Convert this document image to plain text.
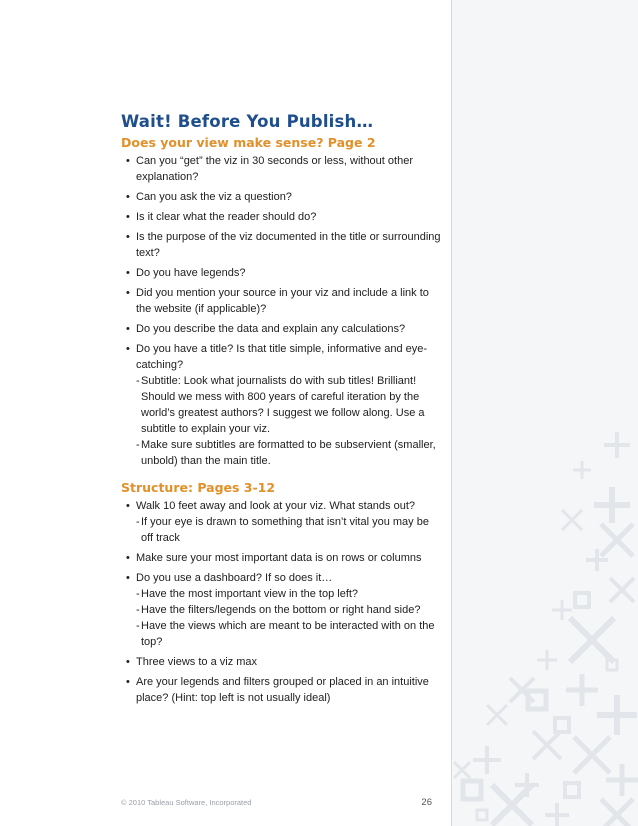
Wait! Before You Publish…
Does your view make sense? Page 2
• Can you “get” the viz in 30 seconds or less, without other explanation?
• Can you ask the viz a question?
• Is it clear what the reader should do?
• Is the purpose of the viz documented in the title or surrounding text?
• Do you have legends?
• Did you mention your source in your viz and include a link to the website (if applicable)?
• Do you describe the data and explain any calculations?
• Do you have a title? Is that title simple, informative and eye-catching?
- Subtitle: Look what journalists do with sub titles! Brilliant! Should we mess with 800 years of careful iteration by the world’s greatest authors? I suggest we follow along. Use a subtitle to explain your viz.
- Make sure subtitles are formatted to be subservient (smaller, unbold) than the main title.
Structure: Pages 3-12
• Walk 10 feet away and look at your viz. What stands out?
- If your eye is drawn to something that isn’t vital you may be off track
• Make sure your most important data is on rows or columns
• Do you use a dashboard? If so does it…
- Have the most important view in the top left?
- Have the filters/legends on the bottom or right hand side?
- Have the views which are meant to be interacted with on the top?
• Three views to a viz max
• Are your legends and filters grouped or placed in an intuitive place? (Hint: top left is not usually ideal)
© 2010 Tableau Software, Incorporated	26
